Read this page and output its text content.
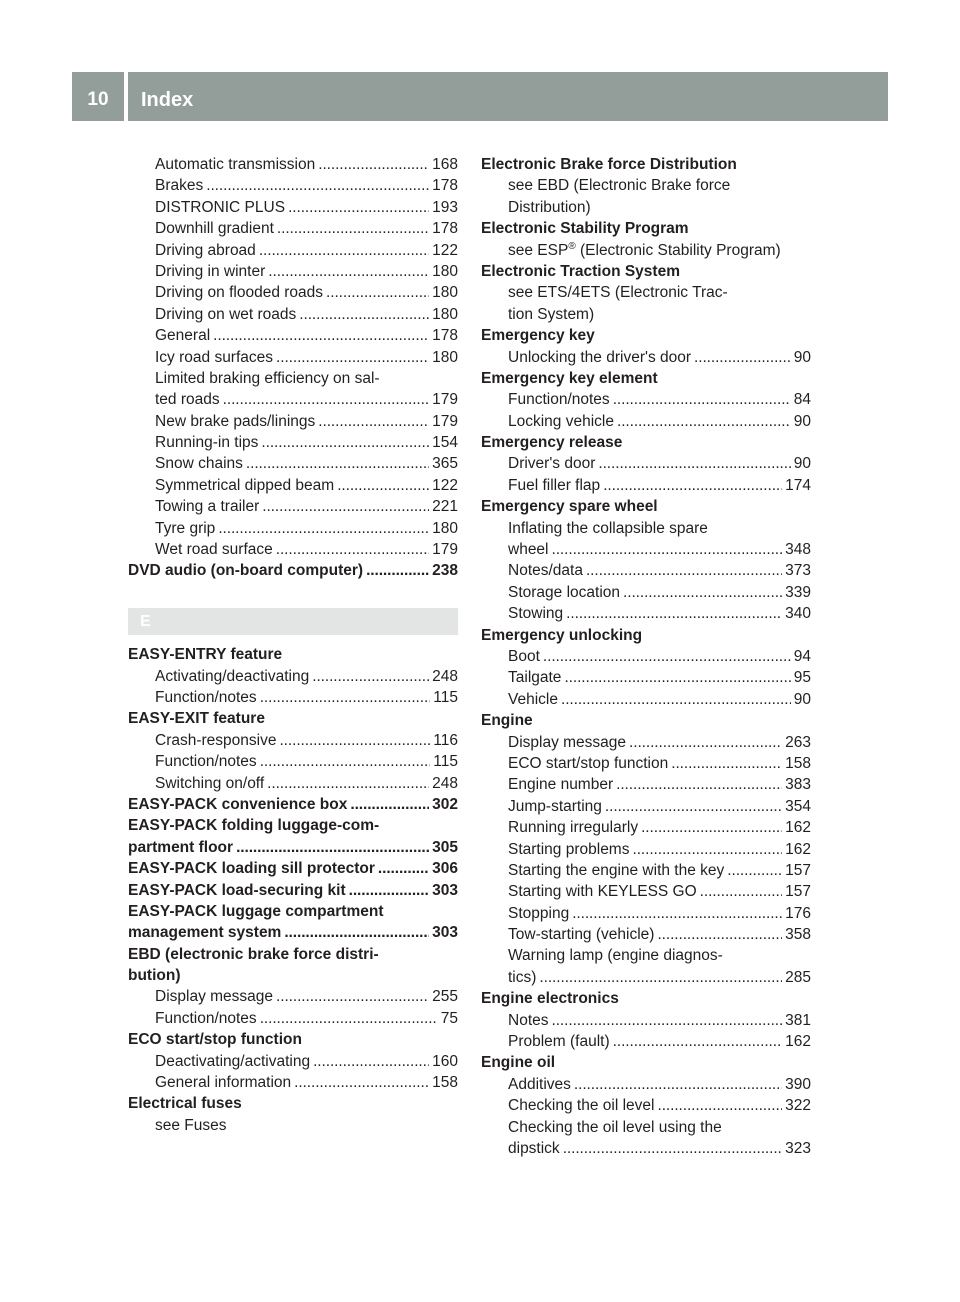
10	Index
Automatic transmission . . .	168
Brakes . . .	178
DISTRONIC PLUS . . .	193
Downhill gradient . . .	178
Driving abroad . . .	122
Driving in winter . . .	180
Driving on flooded roads . . .	180
Driving on wet roads . . .	180
General . . .	178
Icy road surfaces . . .	180
Limited braking efficiency on sal-
ted roads . . .	179
New brake pads/linings . . .	179
Running-in tips . . .	154
Snow chains . . .	365
Symmetrical dipped beam . . .	122
Towing a trailer . . .	221
Tyre grip . . .	180
Wet road surface . . .	179
DVD audio (on-board computer) . . .	238
E
EASY-ENTRY feature
Activating/deactivating . . .	248
Function/notes . . .	115
EASY-EXIT feature
Crash-responsive . . .	116
Function/notes . . .	115
Switching on/off . . .	248
EASY-PACK convenience box . . .	302
EASY-PACK folding luggage-com-
partment floor . . .	305
EASY-PACK loading sill protector . . .	306
EASY-PACK load-securing kit . . .	303
EASY-PACK luggage compartment
management system . . .	303
EBD (electronic brake force distri-
bution)
Display message . . .	255
Function/notes . . .	75
ECO start/stop function
Deactivating/activating . . .	160
General information . . .	158
Electrical fuses
see Fuses
Electronic Brake force Distribution
see EBD (Electronic Brake force
Distribution)
Electronic Stability Program
see ESP® (Electronic Stability Program)
Electronic Traction System
see ETS/4ETS (Electronic Trac-
tion System)
Emergency key
Unlocking the driver's door . . .	90
Emergency key element
Function/notes . . .	84
Locking vehicle . . .	90
Emergency release
Driver's door . . .	90
Fuel filler flap . . .	174
Emergency spare wheel
Inflating the collapsible spare
wheel . . .	348
Notes/data . . .	373
Storage location . . .	339
Stowing . . .	340
Emergency unlocking
Boot . . .	94
Tailgate . . .	95
Vehicle . . .	90
Engine
Display message . . .	263
ECO start/stop function . . .	158
Engine number . . .	383
Jump-starting . . .	354
Running irregularly . . .	162
Starting problems . . .	162
Starting the engine with the key . . .	157
Starting with KEYLESS GO . . .	157
Stopping . . .	176
Tow-starting (vehicle) . . .	358
Warning lamp (engine diagnos-
tics) . . .	285
Engine electronics
Notes . . .	381
Problem (fault) . . .	162
Engine oil
Additives . . .	390
Checking the oil level . . .	322
Checking the oil level using the
dipstick . . .	323
